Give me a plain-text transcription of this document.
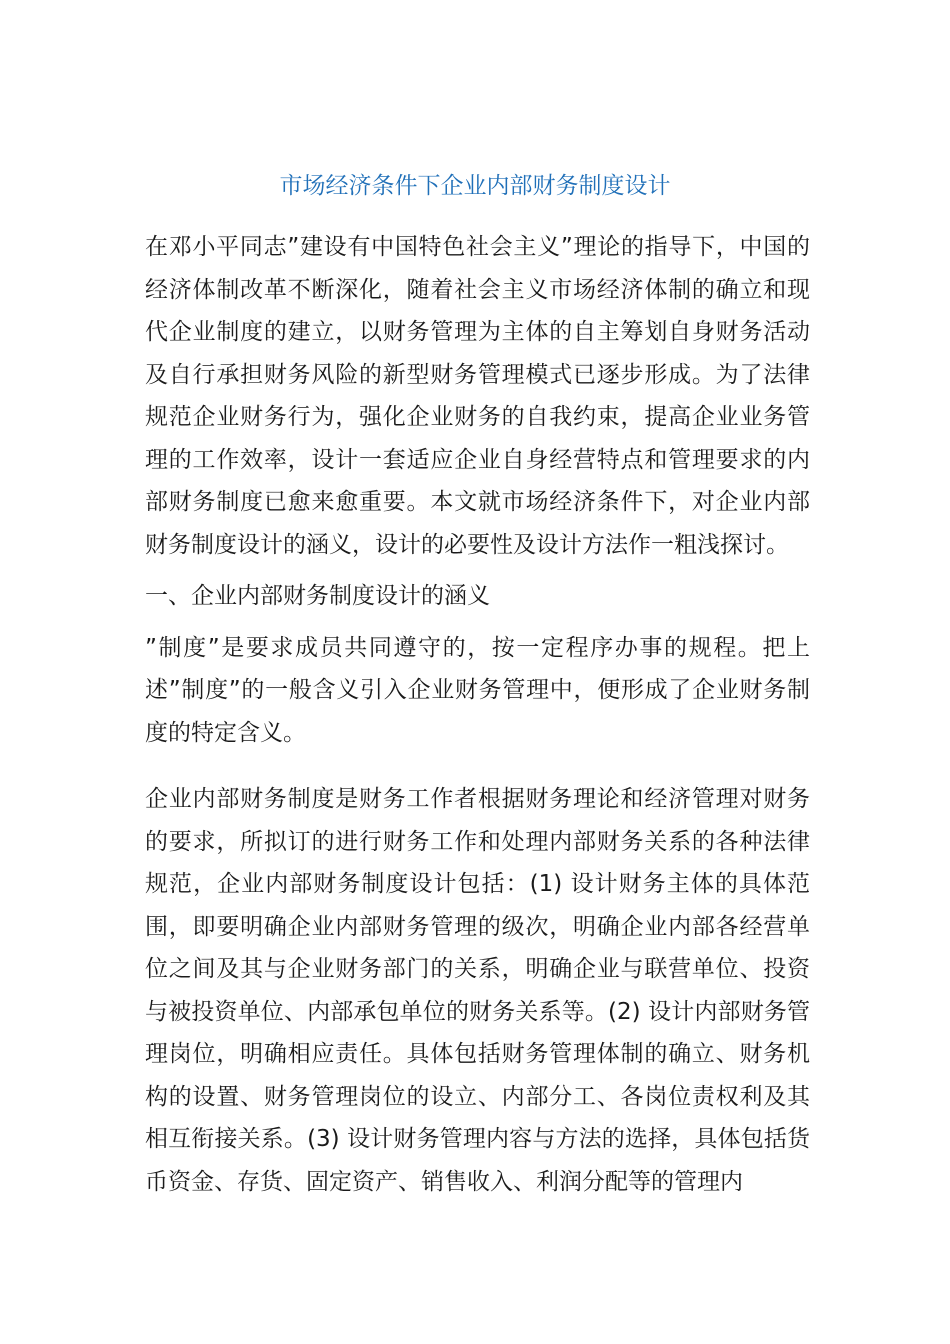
市场经济条件下企业内部财务制度设计

在邓小平同志”建设有中国特色社会主义”理论的指导下，中国的经济体制改革不断深化，随着社会主义市场经济体制的确立和现代企业制度的建立，以财务管理为主体的自主筹划自身财务活动及自行承担财务风险的新型财务管理模式已逐步形成。为了法律规范企业财务行为，强化企业财务的自我约束，提高企业业务管理的工作效率，设计一套适应企业自身经营特点和管理要求的内部财务制度已愈来愈重要。本文就市场经济条件下，对企业内部财务制度设计的涵义，设计的必要性及设计方法作一粗浅探讨。

一、企业内部财务制度设计的涵义

”制度”是要求成员共同遵守的，按一定程序办事的规程。把上述”制度”的一般含义引入企业财务管理中，便形成了企业财务制度的特定含义。

企业内部财务制度是财务工作者根据财务理论和经济管理对财务的要求，所拟订的进行财务工作和处理内部财务关系的各种法律规范，企业内部财务制度设计包括：(1) 设计财务主体的具体范围，即要明确企业内部财务管理的级次，明确企业内部各经营单位之间及其与企业财务部门的关系，明确企业与联营单位、投资与被投资单位、内部承包单位的财务关系等。(2) 设计内部财务管理岗位，明确相应责任。具体包括财务管理体制的确立、财务机构的设置、财务管理岗位的设立、内部分工、各岗位责权利及其相互衔接关系。(3) 设计财务管理内容与方法的选择，具体包括货币资金、存货、固定资产、销售收入、利润分配等的管理内
